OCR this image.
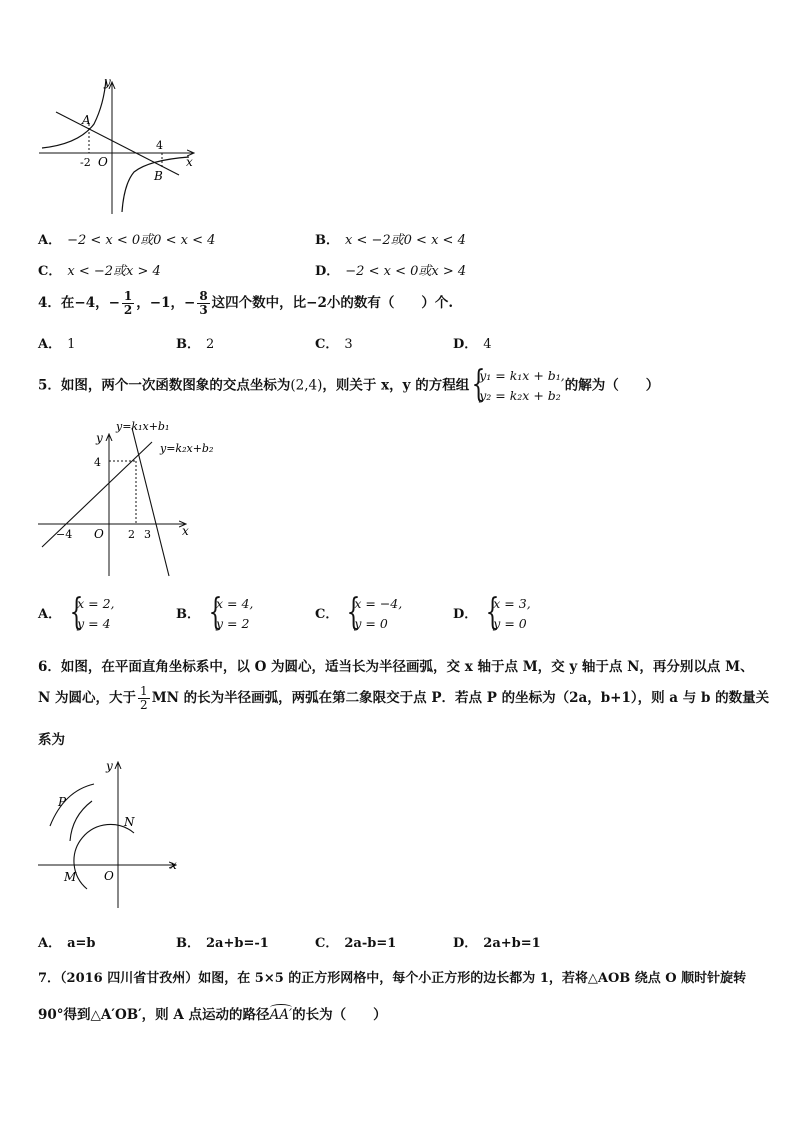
y
x
A
B
O
-2
4
A． −2 < x < 0或0 < x < 4	B． x < −2或0 < x < 4
C． x < −2或x > 4	D． −2 < x < 0或x > 4
4．在−4，− $\frac{1}{2}$ ，−1，− $\frac{8}{3}$ 这四个数中，比−2小的数有（　　）个.
A． 1	B． 2	C． 3	D． 4
5．如图，两个一次函数图象的交点坐标为(2,4)，则关于 x，y 的方程组
{ y₁ = k₁x + b₁,
y₂ = k₂x + b₂
的解为（　　）
y=k₁x+b₁
y=k₂x+b₂
y
x
4
−4 O 2 3
A．
{ x = 2,
y = 4
B．
{ x = 4,
y = 2
C．
{ x = −4,
y = 0
D．
{ x = 3,
y = 0
6．如图，在平面直角坐标系中，以 O 为圆心，适当长为半径画弧，交 x 轴于点 M，交 y 轴于点 N，再分别以点 M、
N 为圆心，大于 $\frac{1}{2}$ MN 的长为半径画弧，两弧在第二象限交于点 P．若点 P 的坐标为（2a，b+1），则 a 与 b 的数量关
系为
y
x
P
N
M O
A． a=b	B． 2a+b=-1	C． 2a-b=1	D． 2a+b=1
7．（2016 四川省甘孜州）如图，在 5×5 的正方形网格中，每个小正方形的边长都为 1，若将△AOB 绕点 O 顺时针旋转
90°得到△A′OB′，则 A 点运动的路径
AA′的长为（　　）
